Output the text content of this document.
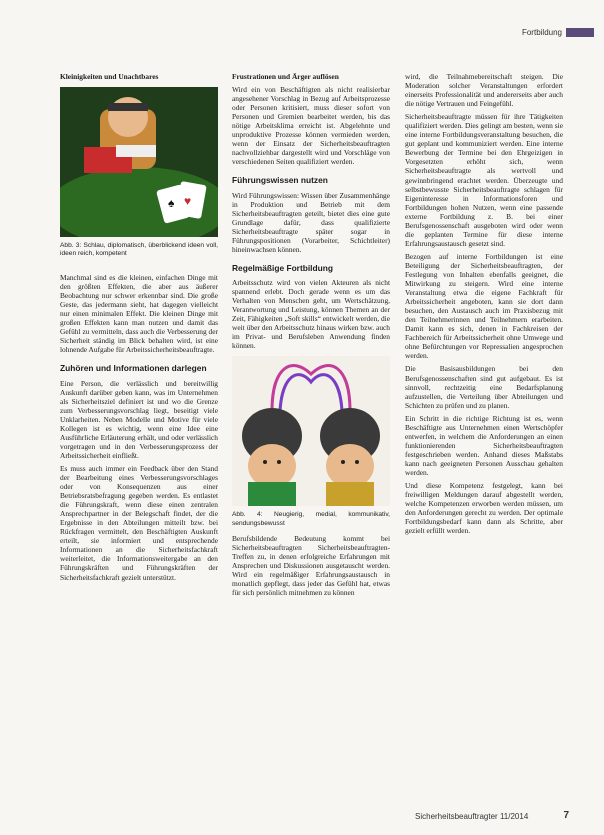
Fortbildung

Kleinigkeiten und Unachtbares

♥
♠
Abb. 3: Schlau, diplomatisch, überblickend ideen voll, ideen reich, kompetent

Manchmal sind es die kleinen, einfachen Dinge mit den größten Effekten, die aber aus äußerer Beobachtung nur schwer erkennbar sind. Die große Geste, das jedermann sieht, hat dagegen vielleicht nur einen minimalen Effekt. Die kleinen Dinge mit großen Effekten kann man nutzen und damit das Gefühl zu vermitteln, dass auch die Verbesserung der Sicherheit ständig im Blick behalten wird, ist eine lohnende Aufgabe für Arbeitssicherheitsbeauftragte.

Zuhören und Informationen darlegen

Eine Person, die verlässlich und bereitwillig Auskunft darüber geben kann, was im Unternehmen als Sicherheitsziel definiert ist und wo die Grenze zum Verbesserungsvorschlag liegt, beseitigt viele Unklarheiten. Neben Modelle und Motive für viele Kollegen ist es wichtig, wenn eine Idee eine Ausführliche Erläuterung erhält, und oder verlässlich vorgetragen und in den Verbesserungsprozess der Arbeitssicherheit einfließt.

Es muss auch immer ein Feedback über den Stand der Bearbeitung eines Verbesserungsvorschlages oder von Konsequenzen aus einer Betriebsratsbefragung gegeben werden. Es entlastet die Führungskraft, wenn diese einen zentralen Ansprechpartner in der Belegschaft findet, der die Ergebnisse in den Abteilungen mitteilt bzw. bei Rückfragen vermittelt, den Beschäftigten Auskunft erteilt, sie informiert und entsprechende Informationen an die Sicherheitsfachkraft weiterleitet, die Informationsweitergabe an den Führungskräften und Führungskräften der Sicherheitsfachkraft gezielt unterstützt.

Frustrationen und Ärger auflösen

Wird ein von Beschäftigten als nicht realisierbar angesehener Vorschlag in Bezug auf Arbeitsprozesse oder Personen kritisiert, muss dieser sofort von Personen und Gremien bearbeitet werden, bis das nötige Arbeitsklima erreicht ist. Abgelehnte und unproduktive Prozesse können vermieden werden, wenn der Einsatz der Sicherheitsbeauftragten nachvollziehbar dargestellt wird und Vorschläge von verschiedenen Seiten qualifiziert werden.

Führungswissen nutzen

Wird Führungswissen: Wissen über Zusammenhänge in Produktion und Betrieb mit dem Sicherheitsbeauftragten geteilt, bietet dies eine gute Grundlage dafür, dass qualifizierte Sicherheitsbeauftragte später sogar in Führungspositionen (Vorarbeiter, Schichtleiter) hineinwachsen können.

Regelmäßige Fortbildung

Arbeitsschutz wird von vielen Akteuren als nicht spannend erlebt. Doch gerade wenn es um das Verhalten von Menschen geht, um Wertschätzung, Verantwortung und Leistung, können Themen an der Zeit, Fähigkeiten „Soft skills“ entwickelt werden, die weit über den Arbeitsschutz hinaus wirken bzw. auch im Privat- und Berufsleben Anwendung finden können.

Abb. 4: Neugierig, medial, kommunikativ, sendungsbewusst

Berufsbildende Bedeutung kommt bei Sicherheitsbeauftragten Sicherheitsbeauftragten-Treffen zu, in denen erfolgreiche Erfahrungen mit Ansprechen und Diskussionen ausgetauscht werden. Wird ein regelmäßiger Erfahrungsaustausch in monatlich gepflegt, dass jeder das Gefühl hat, etwas für sich persönlich mitnehmen zu können

wird, die Teilnahmebereitschaft steigen. Die Moderation solcher Veranstaltungen erfordert einerseits Professionalität und andererseits aber auch die nötige Vertrauen und Feingefühl.

Sicherheitsbeauftragte müssen für ihre Tätigkeiten qualifiziert werden. Dies gelingt am besten, wenn sie eine interne Fortbildungsveranstaltung besuchen, die gut geplant und kommuniziert werden. Eine interne Bewerbung der Termine bei den Ehrgeizigen in Vorgesetzten erhöht sich, wenn Sicherheitsbeauftragte als wertvoll und gewinnbringend erachtet werden. Überzeugte und selbstbewusste Sicherheitsbeauftragte schlagen für Eigeninteresse in Informationsforen und Fortbildungen hohen Nutzen, wenn eine passende externe Fortbildung z. B. bei einer Berufsgenossenschaft ausgeboten wird oder wenn die geplanten Termine für diese interne Erfahrungsaustausch gesetzt sind.

Bezogen auf interne Fortbildungen ist eine Beteiligung der Sicherheitsbeauftragten, der Festlegung von Inhalten ebenfalls geeignet, die Mitwirkung zu steigern. Wird eine interne Veranstaltung etwa die eigene Fachkraft für Arbeitssicherheit angeboten, kann sie dort dann besuchen, den Austausch auch im Praxisbezug mit den Teilnehmerinnen und Teilnehmern erarbeiten. Damit kann es sich, denen in Fachkreisen der Fachbereich für Arbeitssicherheit ohne Umwege und ohne Befürchtungen vor Repressalien angesprochen werden.

Die Basisausbildungen bei den Berufsgenossenschaften sind gut aufgebaut. Es ist sinnvoll, rechtzeitig eine Bedarfsplanung aufzustellen, die Verteilung über Abteilungen und Schichten zu prüfen und zu planen.

Ein Schritt in die richtige Richtung ist es, wenn Beschäftigte aus Unternehmen einen Wertschöpfer entwerfen, in welchem die Anforderungen an einen funktionierenden Sicherheitsbeauftragten festgeschrieben werden. Anhand dieses Maßstabs kann nach geeigneten Personen Ausschau gehalten werden.

Und diese Kompetenz festgelegt, kann bei freiwilligen Meldungen darauf abgestellt werden, welche Kompetenzen erworben werden müssen, um den Anforderungen gerecht zu werden. Der optimale Fortbildungsbedarf kann dann als Schritte, aber gezielt erfüllt werden.

Sicherheitsbeauftragter 11/2014	7
